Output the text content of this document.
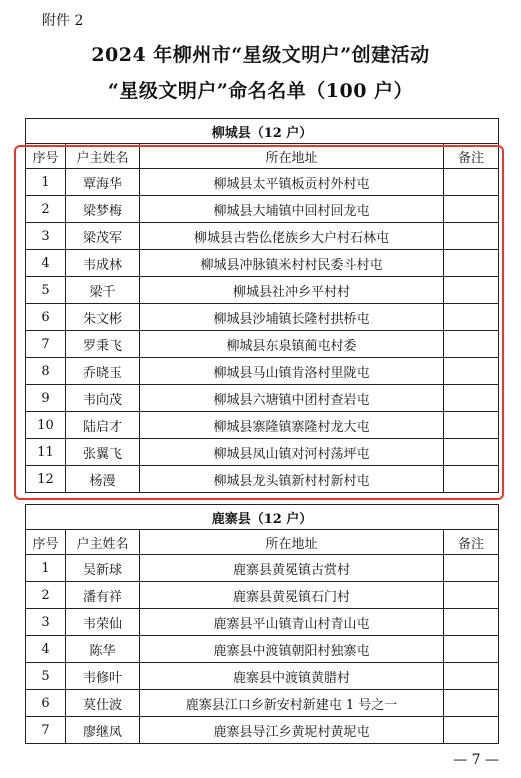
附件 2
2024 年柳州市“星级文明户”创建活动
“星级文明户”命名名单（100 户）
柳城县（12 户）			
序号	户主姓名	所在地址	备注
1	覃海华	柳城县太平镇板贡村外村屯	
2	梁梦梅	柳城县大埔镇中回村回龙屯	
3	梁茂军	柳城县古砦仫佬族乡大户村石林屯	
4	韦成林	柳城县冲脉镇米村村民委斗村屯	
5	梁千	柳城县社冲乡平村村	
6	朱文彬	柳城县沙埔镇长隆村拱桥屯	
7	罗秉飞	柳城县东泉镇蔺屯村委	
8	乔晓玉	柳城县马山镇肯洛村里陇屯	
9	韦向茂	柳城县六塘镇中团村查岩屯	
10	陆启才	柳城县寨隆镇寨隆村龙大屯	
11	张翼飞	柳城县凤山镇对河村荡坪屯	
12	杨漫	柳城县龙头镇新村村新村屯	
鹿寨县（12 户）			
序号	户主姓名	所在地址	备注
1	吴新球	鹿寨县黄冕镇古赏村	
2	潘有祥	鹿寨县黄冕镇石门村	
3	韦荣仙	鹿寨县平山镇青山村青山屯	
4	陈华	鹿寨县中渡镇朝阳村独寨屯	
5	韦修叶	鹿寨县中渡镇黄腊村	
6	莫仕波	鹿寨县江口乡新安村新建屯 1 号之一	
7	廖继凤	鹿寨县导江乡黄坭村黄坭屯	
— 7 —
